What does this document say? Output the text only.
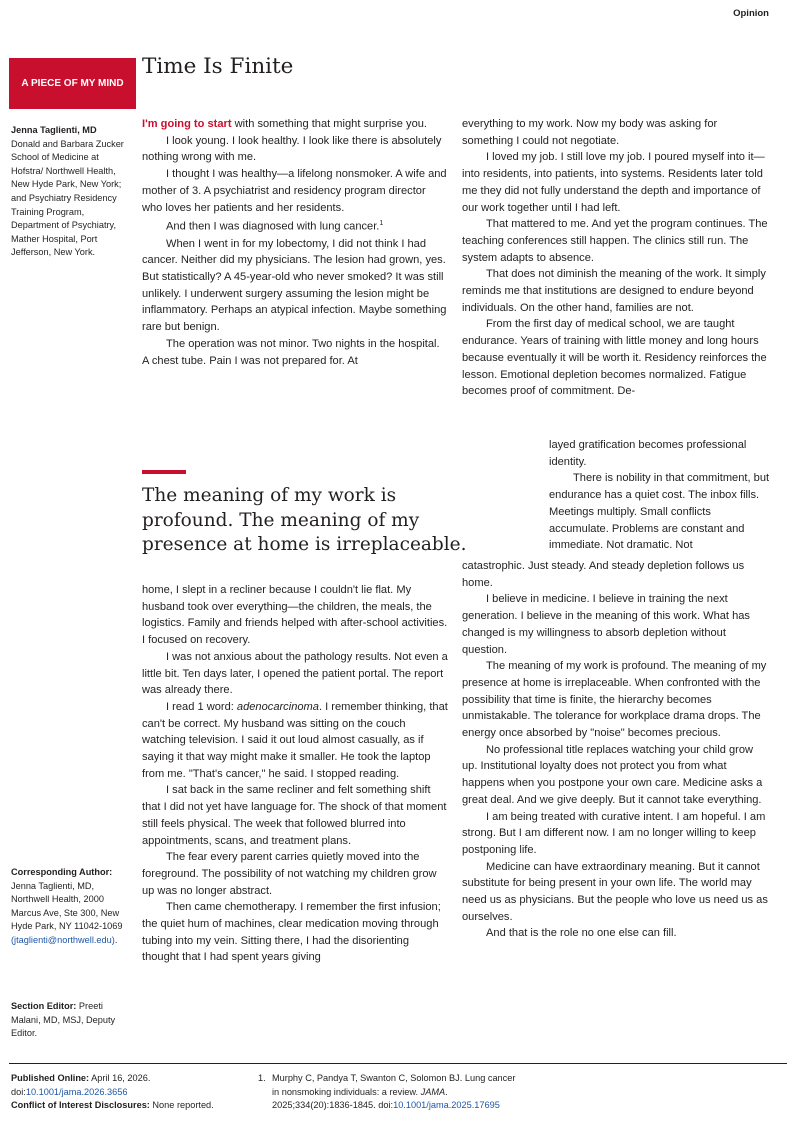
Opinion
A PIECE OF MY MIND
Time Is Finite
Jenna Taglienti, MD
Donald and Barbara Zucker School of Medicine at Hofstra/ Northwell Health, New Hyde Park, New York; and Psychiatry Residency Training Program, Department of Psychiatry, Mather Hospital, Port Jefferson, New York.
Corresponding Author: Jenna Taglienti, MD, Northwell Health, 2000 Marcus Ave, Ste 300, New Hyde Park, NY 11042-1069 (jtaglienti@northwell.edu).
Section Editor: Preeti Malani, MD, MSJ, Deputy Editor.

I'm going to start with something that might surprise you.

I look young. I look healthy. I look like there is absolutely nothing wrong with me.

I thought I was healthy—a lifelong nonsmoker. A wife and mother of 3. A psychiatrist and residency program director who loves her patients and her residents.

And then I was diagnosed with lung cancer.$^1$

When I went in for my lobectomy, I did not think I had cancer. Neither did my physicians. The lesion had grown, yes. But statistically? A 45-year-old who never smoked? It was still unlikely. I underwent surgery assuming the lesion might be inflammatory. Perhaps an atypical infection. Maybe something rare but benign.

The operation was not minor. Two nights in the hospital. A chest tube. Pain I was not prepared for. At

The meaning of my work is profound. The meaning of my presence at home is irreplaceable.

home, I slept in a recliner because I couldn't lie flat. My husband took over everything—the children, the meals, the logistics. Family and friends helped with after-school activities. I focused on recovery.

I was not anxious about the pathology results. Not even a little bit. Ten days later, I opened the patient portal. The report was already there.

I read 1 word: adenocarcinoma. I remember thinking, that can't be correct. My husband was sitting on the couch watching television. I said it out loud almost casually, as if saying it that way might make it smaller. He took the laptop from me. "That's cancer," he said. I stopped reading.

I sat back in the same recliner and felt something shift that I did not yet have language for. The shock of that moment still feels physical. The week that followed blurred into appointments, scans, and treatment plans.

The fear every parent carries quietly moved into the foreground. The possibility of not watching my children grow up was no longer abstract.

Then came chemotherapy. I remember the first infusion; the quiet hum of machines, clear medication moving through tubing into my vein. Sitting there, I had the disorienting thought that I had spent years giving

everything to my work. Now my body was asking for something I could not negotiate.

I loved my job. I still love my job. I poured myself into it—into residents, into patients, into systems. Residents later told me they did not fully understand the depth and importance of our work together until I had left.

That mattered to me. And yet the program continues. The teaching conferences still happen. The clinics still run. The system adapts to absence.

That does not diminish the meaning of the work. It simply reminds me that institutions are designed to endure beyond individuals. On the other hand, families are not.

From the first day of medical school, we are taught endurance. Years of training with little money and long hours because eventually it will be worth it. Residency reinforces the lesson. Emotional depletion becomes normalized. Fatigue becomes proof of commitment. De-

layed gratification becomes professional identity.

There is nobility in that commitment, but endurance has a quiet cost. The inbox fills. Meetings multiply. Small conflicts accumulate. Problems are constant and immediate. Not dramatic. Not

catastrophic. Just steady. And steady depletion follows us home.

I believe in medicine. I believe in training the next generation. I believe in the meaning of this work. What has changed is my willingness to absorb depletion without question.

The meaning of my work is profound. The meaning of my presence at home is irreplaceable. When confronted with the possibility that time is finite, the hierarchy becomes unmistakable. The tolerance for workplace drama drops. The energy once absorbed by "noise" becomes precious.

No professional title replaces watching your child grow up. Institutional loyalty does not protect you from what happens when you postpone your own care. Medicine asks a great deal. And we give deeply. But it cannot take everything.

I am being treated with curative intent. I am hopeful. I am strong. But I am different now. I am no longer willing to keep postponing life.

Medicine can have extraordinary meaning. But it cannot substitute for being present in your own life. The world may need us as physicians. But the people who love us need us as ourselves.

And that is the role no one else can fill.

Published Online: April 16, 2026.
doi:10.1001/jama.2026.3656
Conflict of Interest Disclosures: None reported.
1. Murphy C, Pandya T, Swanton C, Solomon BJ. Lung cancer in nonsmoking individuals: a review. JAMA. 2025;334(20):1836-1845. doi:10.1001/jama.2025.17695
